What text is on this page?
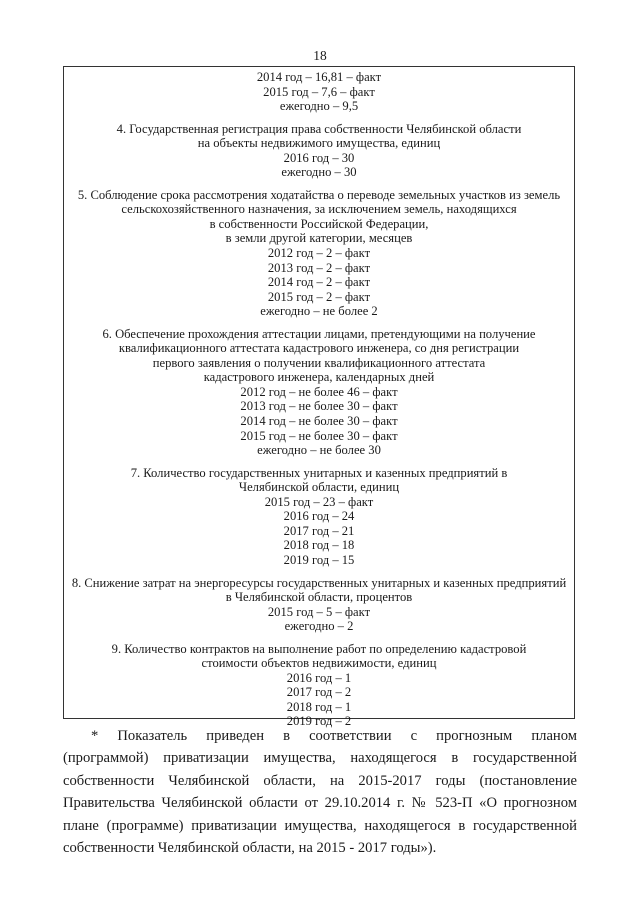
18
2014 год – 16,81 – факт
2015 год – 7,6 – факт
ежегодно – 9,5
4. Государственная регистрация права собственности Челябинской области
на объекты недвижимого имущества, единиц
2016 год – 30
ежегодно – 30
5. Соблюдение срока рассмотрения ходатайства о переводе земельных участков из земель
сельскохозяйственного назначения, за исключением земель, находящихся
в собственности Российской Федерации,
в земли другой категории, месяцев
2012 год – 2 – факт
2013 год – 2 – факт
2014 год – 2 – факт
2015 год – 2 – факт
ежегодно – не более 2
6. Обеспечение прохождения аттестации лицами, претендующими на получение
квалификационного аттестата кадастрового инженера, со дня регистрации
первого заявления о получении квалификационного аттестата
кадастрового инженера, календарных дней
2012 год – не более 46 – факт
2013 год – не более 30 – факт
2014 год – не более 30 – факт
2015 год – не более 30 – факт
ежегодно – не более 30
7. Количество государственных унитарных и казенных предприятий в
Челябинской области, единиц
2015 год – 23 – факт
2016 год – 24
2017 год – 21
2018 год – 18
2019 год – 15
8. Снижение затрат на энергоресурсы государственных унитарных и казенных предприятий
в Челябинской области, процентов
2015 год – 5 – факт
ежегодно – 2
9. Количество контрактов на выполнение работ по определению кадастровой
стоимости объектов недвижимости, единиц
2016 год – 1
2017 год – 2
2018 год – 1
2019 год – 2
* Показатель приведен в соответствии с прогнозным планом
(программой) приватизации имущества, находящегося в государственной
собственности Челябинской области, на 2015-2017 годы (постановление
Правительства Челябинской области от 29.10.2014 г. № 523-П «О прогнозном
плане (программе) приватизации имущества, находящегося в государственной
собственности Челябинской области, на 2015 - 2017 годы»).
